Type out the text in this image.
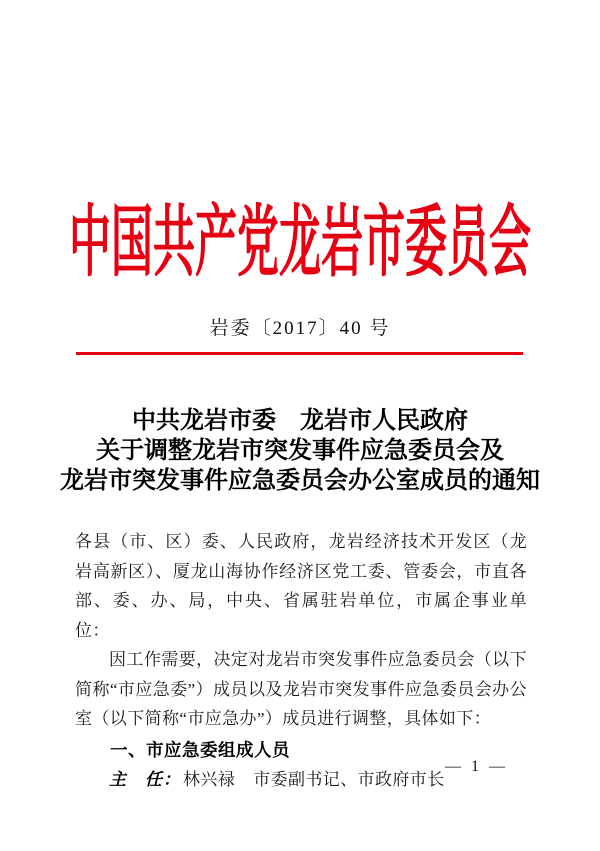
中国共产党龙岩市委员会
岩委〔2017〕40 号
中共龙岩市委　龙岩市人民政府
关于调整龙岩市突发事件应急委员会及
龙岩市突发事件应急委员会办公室成员的通知

各县（市、区）委、人民政府，龙岩经济技术开发区（龙岩高新区）、厦龙山海协作经济区党工委、管委会，市直各部、委、办、局，中央、省属驻岩单位，市属企事业单位：

因工作需要，决定对龙岩市突发事件应急委员会（以下简称“市应急委”）成员以及龙岩市突发事件应急委员会办公室（以下简称“市应急办”）成员进行调整，具体如下：

一、市应急委组成人员
主　任： 林兴禄 市委副书记、市政府市长
— 1 —
